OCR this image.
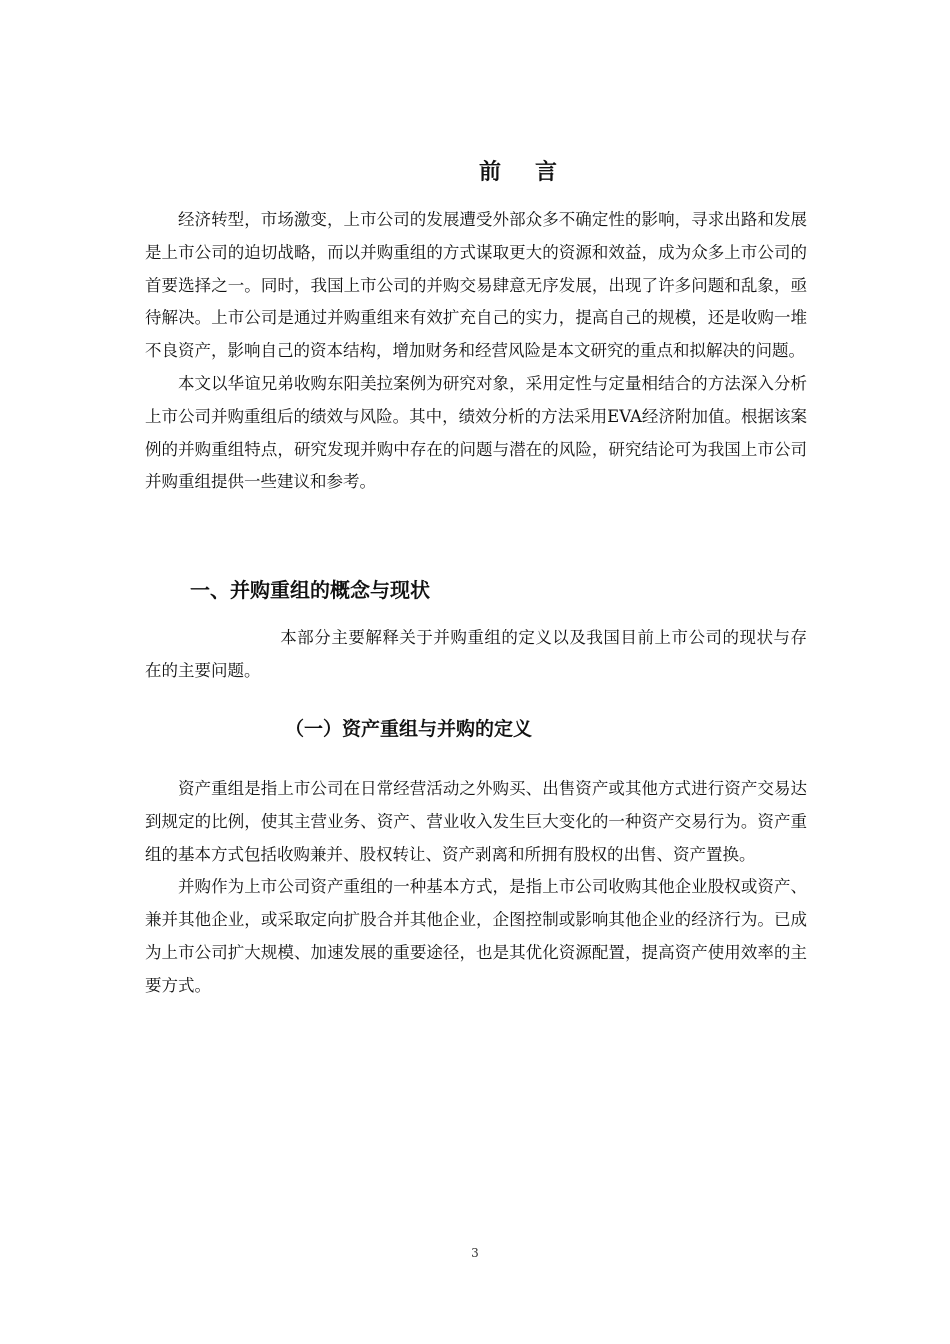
前言

经济转型，市场激变，上市公司的发展遭受外部众多不确定性的影响，寻求出路和发展是上市公司的迫切战略，而以并购重组的方式谋取更大的资源和效益，成为众多上市公司的首要选择之一。同时，我国上市公司的并购交易肆意无序发展，出现了许多问题和乱象，亟待解决。上市公司是通过并购重组来有效扩充自己的实力，提高自己的规模，还是收购一堆不良资产，影响自己的资本结构，增加财务和经营风险是本文研究的重点和拟解决的问题。

本文以华谊兄弟收购东阳美拉案例为研究对象，采用定性与定量相结合的方法深入分析上市公司并购重组后的绩效与风险。其中，绩效分析的方法采用EVA经济附加值。根据该案例的并购重组特点，研究发现并购中存在的问题与潜在的风险，研究结论可为我国上市公司并购重组提供一些建议和参考。

一、并购重组的概念与现状

本部分主要解释关于并购重组的定义以及我国目前上市公司的现状与存在的主要问题。

（一）资产重组与并购的定义

资产重组是指上市公司在日常经营活动之外购买、出售资产或其他方式进行资产交易达到规定的比例，使其主营业务、资产、营业收入发生巨大变化的一种资产交易行为。资产重组的基本方式包括收购兼并、股权转让、资产剥离和所拥有股权的出售、资产置换。

并购作为上市公司资产重组的一种基本方式，是指上市公司收购其他企业股权或资产、兼并其他企业，或采取定向扩股合并其他企业，企图控制或影响其他企业的经济行为。已成为上市公司扩大规模、加速发展的重要途径，也是其优化资源配置，提高资产使用效率的主要方式。

3
